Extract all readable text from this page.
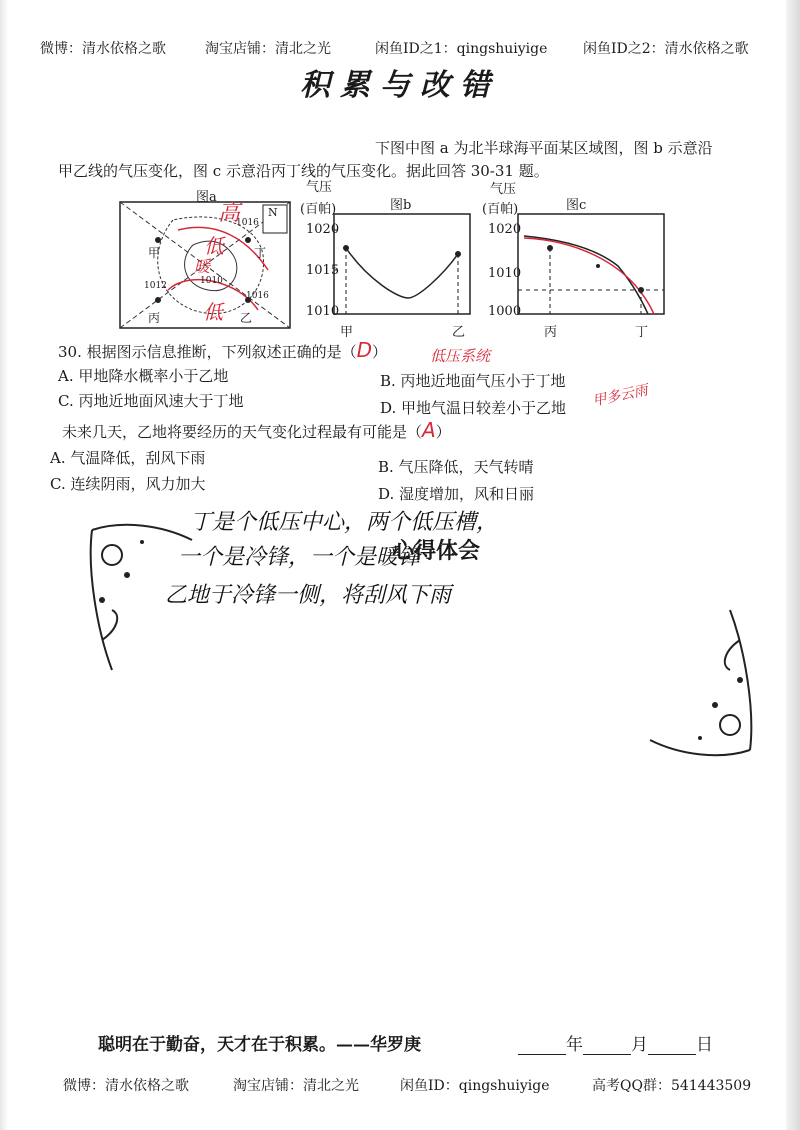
微博：清水依格之歌	淘宝店铺：清北之光	闲鱼ID之1：qingshuiyige	闲鱼ID之2：清水依格之歌
积累与改错
下图中图 a 为北半球海平面某区域图，图 b 示意沿
甲乙线的气压变化，图 c 示意沿丙丁线的气压变化。据此回答 30-31 题。
图a
N
甲
乙
丙
丁
1012
1016
1010
1016
高
低
暖
低
气压
(百帕)	图b
1020
1015
1010
甲	乙
气压
(百帕)	图c
1020
1010
1000
丙	丁
30. 根据图示信息推断，下列叙述正确的是（D）	低压系统
A. 甲地降水概率小于乙地	B. 丙地近地面气压小于丁地
C. 丙地近地面风速大于丁地	D. 甲地气温日较差小于乙地 甲多云雨
未来几天，乙地将要经历的天气变化过程最有可能是（A）
A. 气温降低，刮风下雨	B. 气压降低，天气转晴
C. 连续阴雨，风力加大
D. 湿度增加，风和日丽
丁是个低压中心，两个低压槽，
一个是冷锋，一个是暖锋
心得体会
乙地于冷锋一侧，将刮风下雨
聪明在于勤奋，天才在于积累。——华罗庚	年	月	日
微博：清水依格之歌	淘宝店铺：清北之光	闲鱼ID：qingshuiyige	高考QQ群：541443509
